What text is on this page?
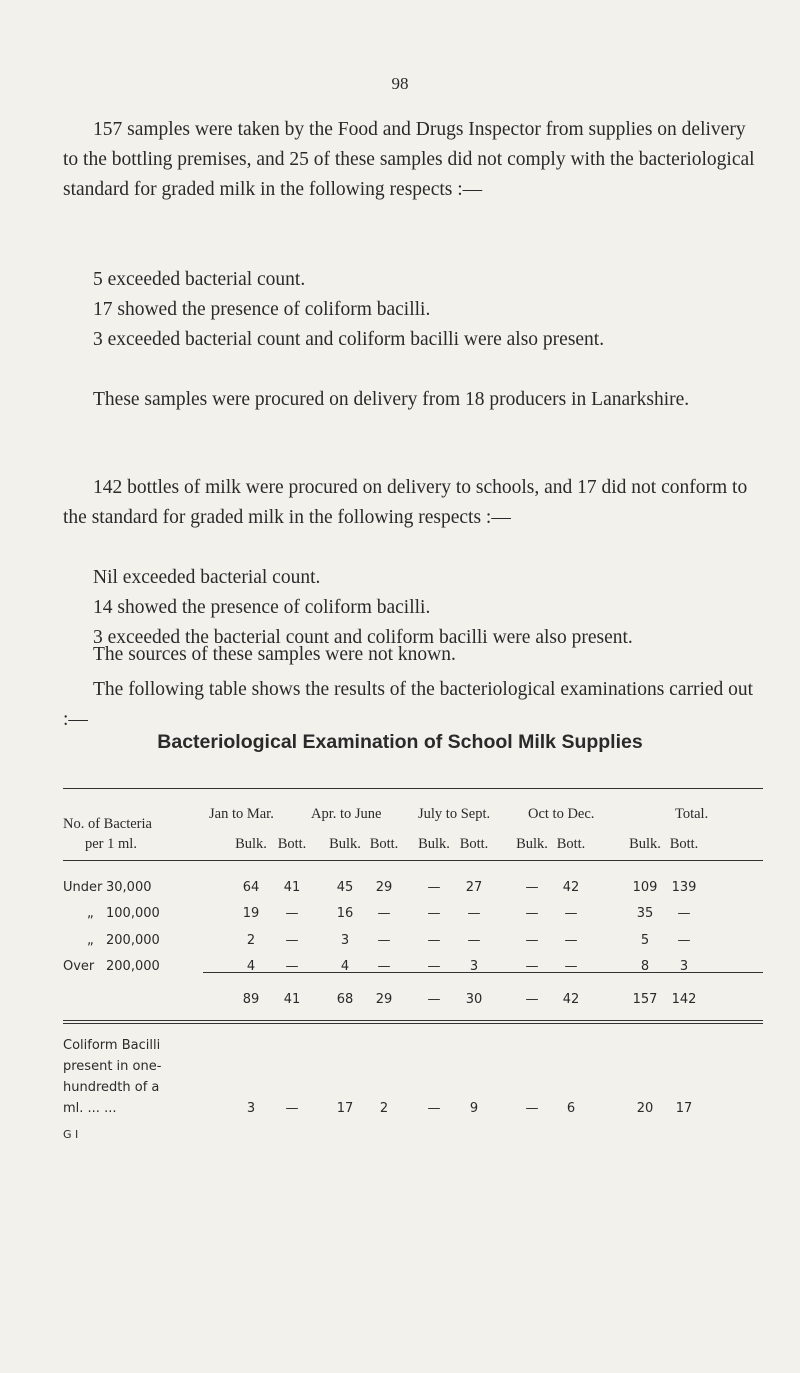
98

157 samples were taken by the Food and Drugs Inspector from supplies on delivery to the bottling premises, and 25 of these samples did not comply with the bacteriological standard for graded milk in the following respects :—

5 exceeded bacterial count.

17 showed the presence of coliform bacilli.

3 exceeded bacterial count and coliform bacilli were also present.

These samples were procured on delivery from 18 producers in Lanarkshire.

142 bottles of milk were procured on delivery to schools, and 17 did not conform to the standard for graded milk in the following respects :—

Nil exceeded bacterial count.

14 showed the presence of coliform bacilli.

3 exceeded the bacterial count and coliform bacilli were also present.

The sources of these samples were not known.

The following table shows the results of the bacteriological examinations carried out :—

Bacteriological Examination of School Milk Supplies
No. of Bacteria
per 1 ml.
Jan to Mar.	Apr. to June	July to Sept.	Oct to Dec.	Total.
Bulk. Bott.	Bulk. Bott.	Bulk. Bott.	Bulk. Bott.	Bulk. Bott.
Under 30,000	64	41	45	29	—	27	—	42	109	139
„ 100,000	19	—	16	—	—	—	—	—	35	—
„ 200,000	2	—	3	—	—	—	—	—	5	—
Over 200,000	4	—	4	—	—	3	—	—	8	3
89	41	68	29	—	30	—	42	157	142
Coliform Bacilli
present in one-
hundredth of a
ml. ... ...	3	—	17	2	—	9	—	6	20	17
G I
